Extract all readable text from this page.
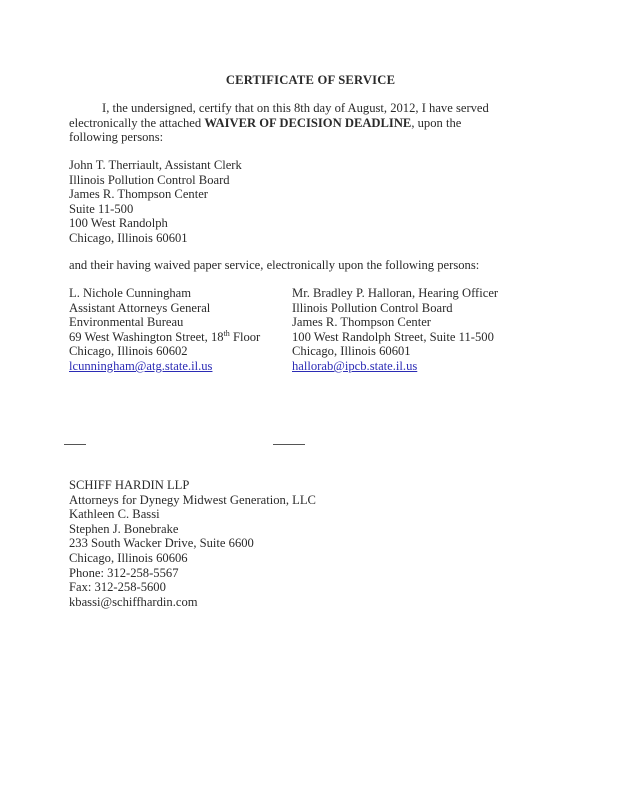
CERTIFICATE OF SERVICE

I, the undersigned, certify that on this 8th day of August, 2012, I have served electronically the attached WAIVER OF DECISION DEADLINE, upon the following persons:

John T. Therriault, Assistant Clerk
Illinois Pollution Control Board
James R. Thompson Center
Suite 11-500
100 West Randolph
Chicago, Illinois 60601
and their having waived paper service, electronically upon the following persons:
L. Nichole Cunningham
Assistant Attorneys General
Environmental Bureau
69 West Washington Street, 18th Floor
Chicago, Illinois 60602
lcunningham@atg.state.il.us
Mr. Bradley P. Halloran, Hearing Officer
Illinois Pollution Control Board
James R. Thompson Center
100 West Randolph Street, Suite 11-500
Chicago, Illinois 60601
hallorab@ipcb.state.il.us
SCHIFF HARDIN LLP
Attorneys for Dynegy Midwest Generation, LLC
Kathleen C. Bassi
Stephen J. Bonebrake
233 South Wacker Drive, Suite 6600
Chicago, Illinois 60606
Phone: 312-258-5567
Fax: 312-258-5600
kbassi@schiffhardin.com
